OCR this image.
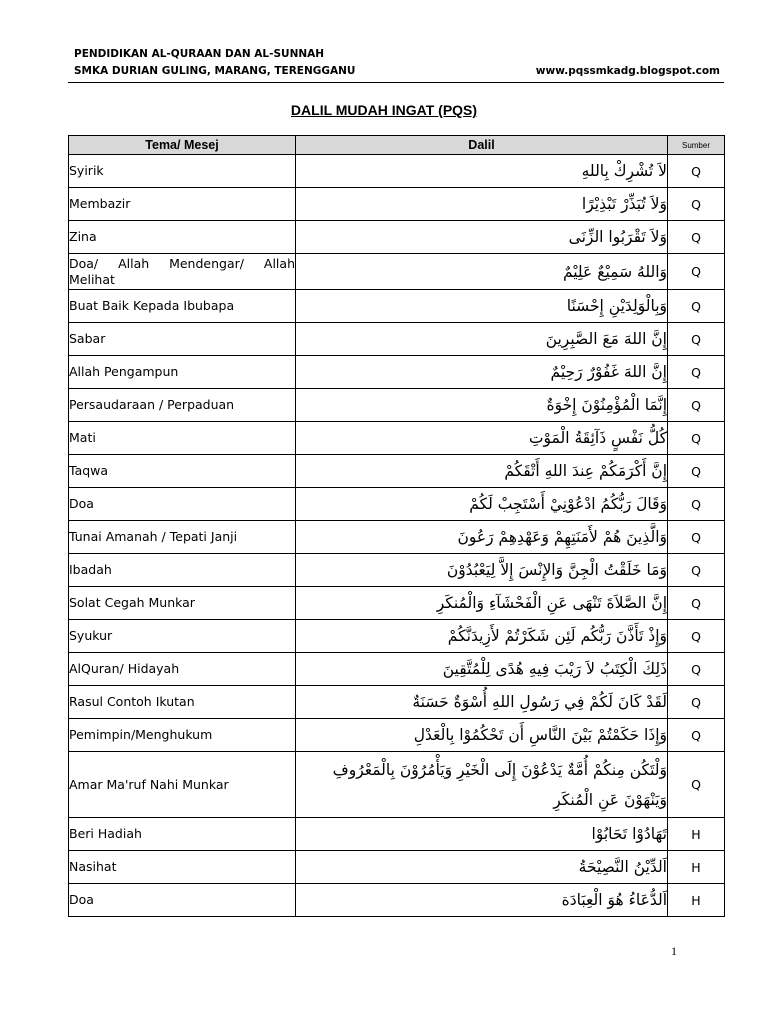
PENDIDIKAN AL-QURAAN DAN AL-SUNNAH
SMKA DURIAN GULING, MARANG, TERENGGANU	www.pqssmkadg.blogspot.com
DALIL MUDAH INGAT (PQS)
Tema/ Mesej	Dalil	Sumber
Syirik	لاَ تُشْرِكْ بِاللهِ	Q
Membazir	وَلاَ تُبَذِّرْ تَبْذِيْرًا	Q
Zina	وَلاَ تَقْرَبُوا الزِّنَى	Q
Doa/ Allah Mendengar/ Allah Melihat	وَاللهُ سَمِيْعٌ عَلِيْمٌ	Q
Buat Baik Kepada Ibubapa	وَبِالْوَلِدَيْنِ إِحْسَنًا	Q
Sabar	إِنَّ اللهَ مَعَ الصَّبِرِينَ	Q
Allah Pengampun	إِنَّ اللهَ غَفُوْرٌ رَحِيْمٌ	Q
Persaudaraan / Perpaduan	إِنَّمَا الْمُؤْمِنُوْنَ إِخْوَةٌ	Q
Mati	كُلُّ نَفْسٍ ذَآئِقَةُ الْمَوْتِ	Q
Taqwa	إِنَّ أَكْرَمَكُمْ عِندَ اللهِ أَتْقَكُمْ	Q
Doa	وَقَالَ رَبُّكُمُ ادْعُوْنِيْ أَسْتَجِبْ لَكُمْ	Q
Tunai Amanah / Tepati Janji	وَالَّذِينَ هُمْ لأَمَنَتِهِمْ وَعَهْدِهِمْ رَعُونَ	Q
Ibadah	وَمَا خَلَقْتُ الْجِنَّ وَالإِنْسَ إِلاَّ لِيَعْبُدُوْنَ	Q
Solat Cegah Munkar	إِنَّ الصَّلاَةَ تَنْهَى عَنِ الْفَحْشَآءِ وَالْمُنكَرِ	Q
Syukur	وَإِذْ تَأَذَّنَ رَبُّكُم لَئِن شَكَرْتُمْ لأَزِيدَنَّكُمْ	Q
AlQuran/ Hidayah	ذَلِكَ الْكِتَبُ لاَ رَيْبَ فِيهِ هُدًى لِلْمُتَّقِينَ	Q
Rasul Contoh Ikutan	لَقَدْ كَانَ لَكُمْ فِي رَسُولِ اللهِ أُسْوَةٌ حَسَنَةٌ	Q
Pemimpin/Menghukum	وَإِذَا حَكَمْتُمْ بَيْنَ النَّاسِ أَن تَحْكُمُوْا بِالْعَدْلِ	Q
Amar Ma'ruf Nahi Munkar	وَلْتَكُن مِنكُمْ أُمَّةٌ يَدْعُوْنَ إِلَى الْخَيْرِ وَيَأْمُرُوْنَ بِالْمَعْرُوفِ وَيَنْهَوْنَ عَنِ الْمُنكَرِ	Q
Beri Hadiah	تَهَادُوْا تَحَابُوْا	H
Nasihat	اَلدِّيْنُ النَّصِيْحَةُ	H
Doa	اَلدُّعَاءُ هُوَ الْعِبَادَة	H
1
